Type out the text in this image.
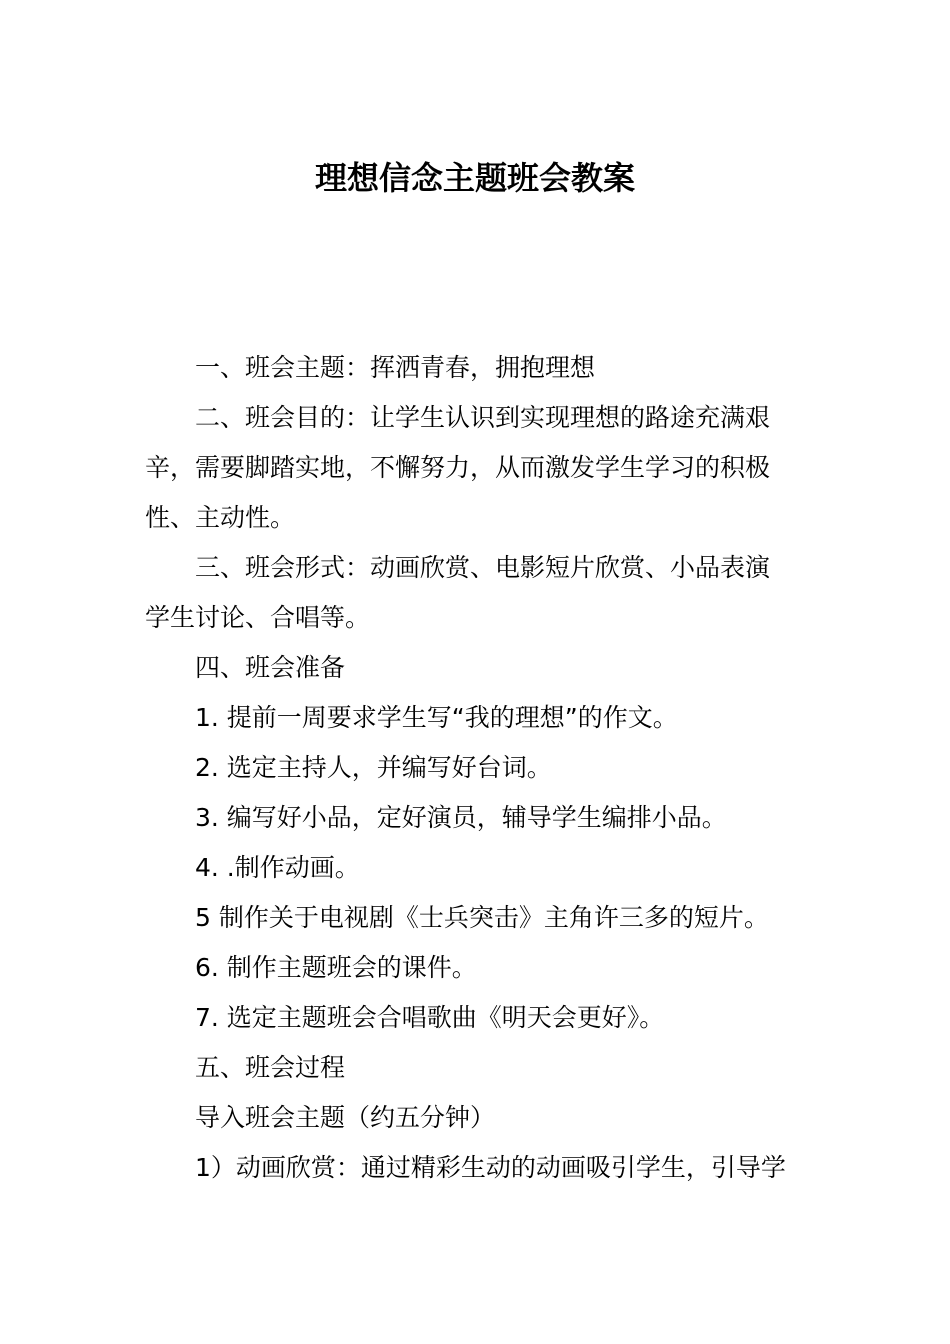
理想信念主题班会教案

一、班会主题：挥洒青春，拥抱理想

二、班会目的：让学生认识到实现理想的路途充满艰

辛，需要脚踏实地，不懈努力，从而激发学生学习的积极

性、主动性。

三、班会形式：动画欣赏、电影短片欣赏、小品表演

学生讨论、合唱等。

四、班会准备

1. 提前一周要求学生写“我的理想”的作文。

2. 选定主持人，并编写好台词。

3. 编写好小品，定好演员，辅导学生编排小品。

4. .制作动画。

5 制作关于电视剧《士兵突击》主角许三多的短片。

6. 制作主题班会的课件。

7. 选定主题班会合唱歌曲《明天会更好》。

五、班会过程

导入班会主题（约五分钟）

1）动画欣赏：通过精彩生动的动画吸引学生，引导学
